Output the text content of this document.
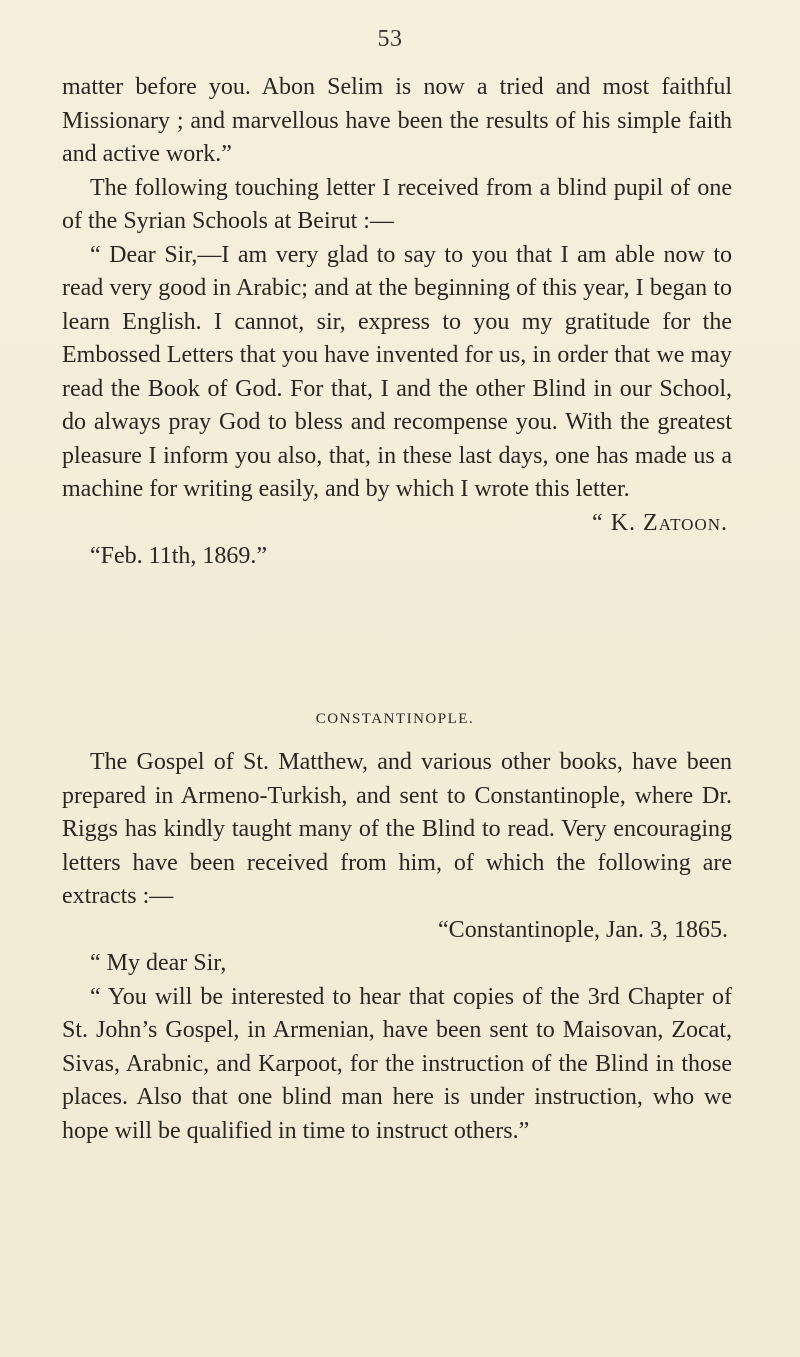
53

matter before you. Abon Selim is now a tried and most faithful Missionary ; and marvellous have been the results of his simple faith and active work.”

The following touching letter I received from a blind pupil of one of the Syrian Schools at Beirut :—

“ Dear Sir,—I am very glad to say to you that I am able now to read very good in Arabic; and at the beginning of this year, I began to learn English. I cannot, sir, express to you my gratitude for the Embossed Letters that you have invented for us, in order that we may read the Book of God. For that, I and the other Blind in our School, do always pray God to bless and recompense you. With the greatest pleasure I inform you also, that, in these last days, one has made us a machine for writing easily, and by which I wrote this letter.

“ K. Zatoon.

“Feb. 11th, 1869.”

CONSTANTINOPLE.

The Gospel of St. Matthew, and various other books, have been prepared in Armeno-Turkish, and sent to Constantinople, where Dr. Riggs has kindly taught many of the Blind to read. Very encouraging letters have been received from him, of which the following are extracts :—

“Constantinople, Jan. 3, 1865.

“ My dear Sir,

“ You will be interested to hear that copies of the 3rd Chapter of St. John’s Gospel, in Armenian, have been sent to Maisovan, Zocat, Sivas, Arabnic, and Karpoot, for the instruction of the Blind in those places. Also that one blind man here is under instruction, who we hope will be qualified in time to instruct others.”
